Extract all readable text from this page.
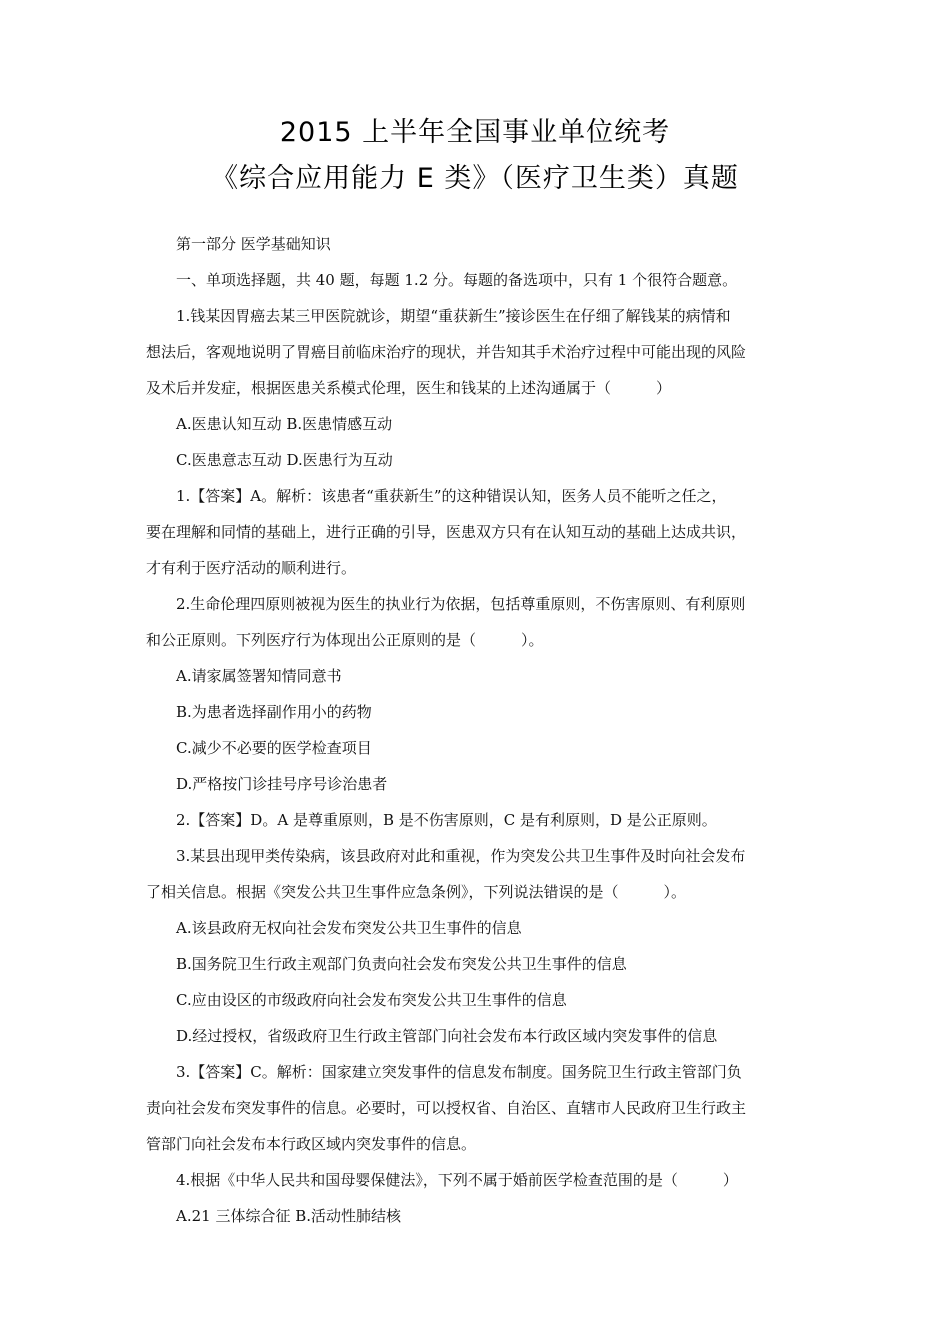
2015 上半年全国事业单位统考
《综合应用能力 E 类》（医疗卫生类）真题

第一部分 医学基础知识

一、单项选择题，共 40 题，每题 1.2 分。每题的备选项中，只有 1 个很符合题意。

1.钱某因胃癌去某三甲医院就诊，期望“重获新生”接诊医生在仔细了解钱某的病情和

想法后，客观地说明了胃癌目前临床治疗的现状，并告知其手术治疗过程中可能出现的风险

及术后并发症，根据医患关系模式伦理，医生和钱某的上述沟通属于（　　　）

A.医患认知互动 B.医患情感互动

C.医患意志互动 D.医患行为互动

1.【答案】A。解析：该患者“重获新生”的这种错误认知，医务人员不能听之任之，

要在理解和同情的基础上，进行正确的引导，医患双方只有在认知互动的基础上达成共识，

才有利于医疗活动的顺利进行。

2.生命伦理四原则被视为医生的执业行为依据，包括尊重原则，不伤害原则、有利原则

和公正原则。下列医疗行为体现出公正原则的是（　　　）。

A.请家属签署知情同意书

B.为患者选择副作用小的药物

C.减少不必要的医学检查项目

D.严格按门诊挂号序号诊治患者

2.【答案】D。A 是尊重原则，B 是不伤害原则，C 是有利原则，D 是公正原则。

3.某县出现甲类传染病，该县政府对此和重视，作为突发公共卫生事件及时向社会发布

了相关信息。根据《突发公共卫生事件应急条例》，下列说法错误的是（　　　）。

A.该县政府无权向社会发布突发公共卫生事件的信息

B.国务院卫生行政主观部门负责向社会发布突发公共卫生事件的信息

C.应由设区的市级政府向社会发布突发公共卫生事件的信息

D.经过授权，省级政府卫生行政主管部门向社会发布本行政区域内突发事件的信息

3.【答案】C。解析：国家建立突发事件的信息发布制度。国务院卫生行政主管部门负

责向社会发布突发事件的信息。必要时，可以授权省、自治区、直辖市人民政府卫生行政主

管部门向社会发布本行政区域内突发事件的信息。

4.根据《中华人民共和国母婴保健法》，下列不属于婚前医学检查范围的是（　　　）

A.21 三体综合征 B.活动性肺结核
